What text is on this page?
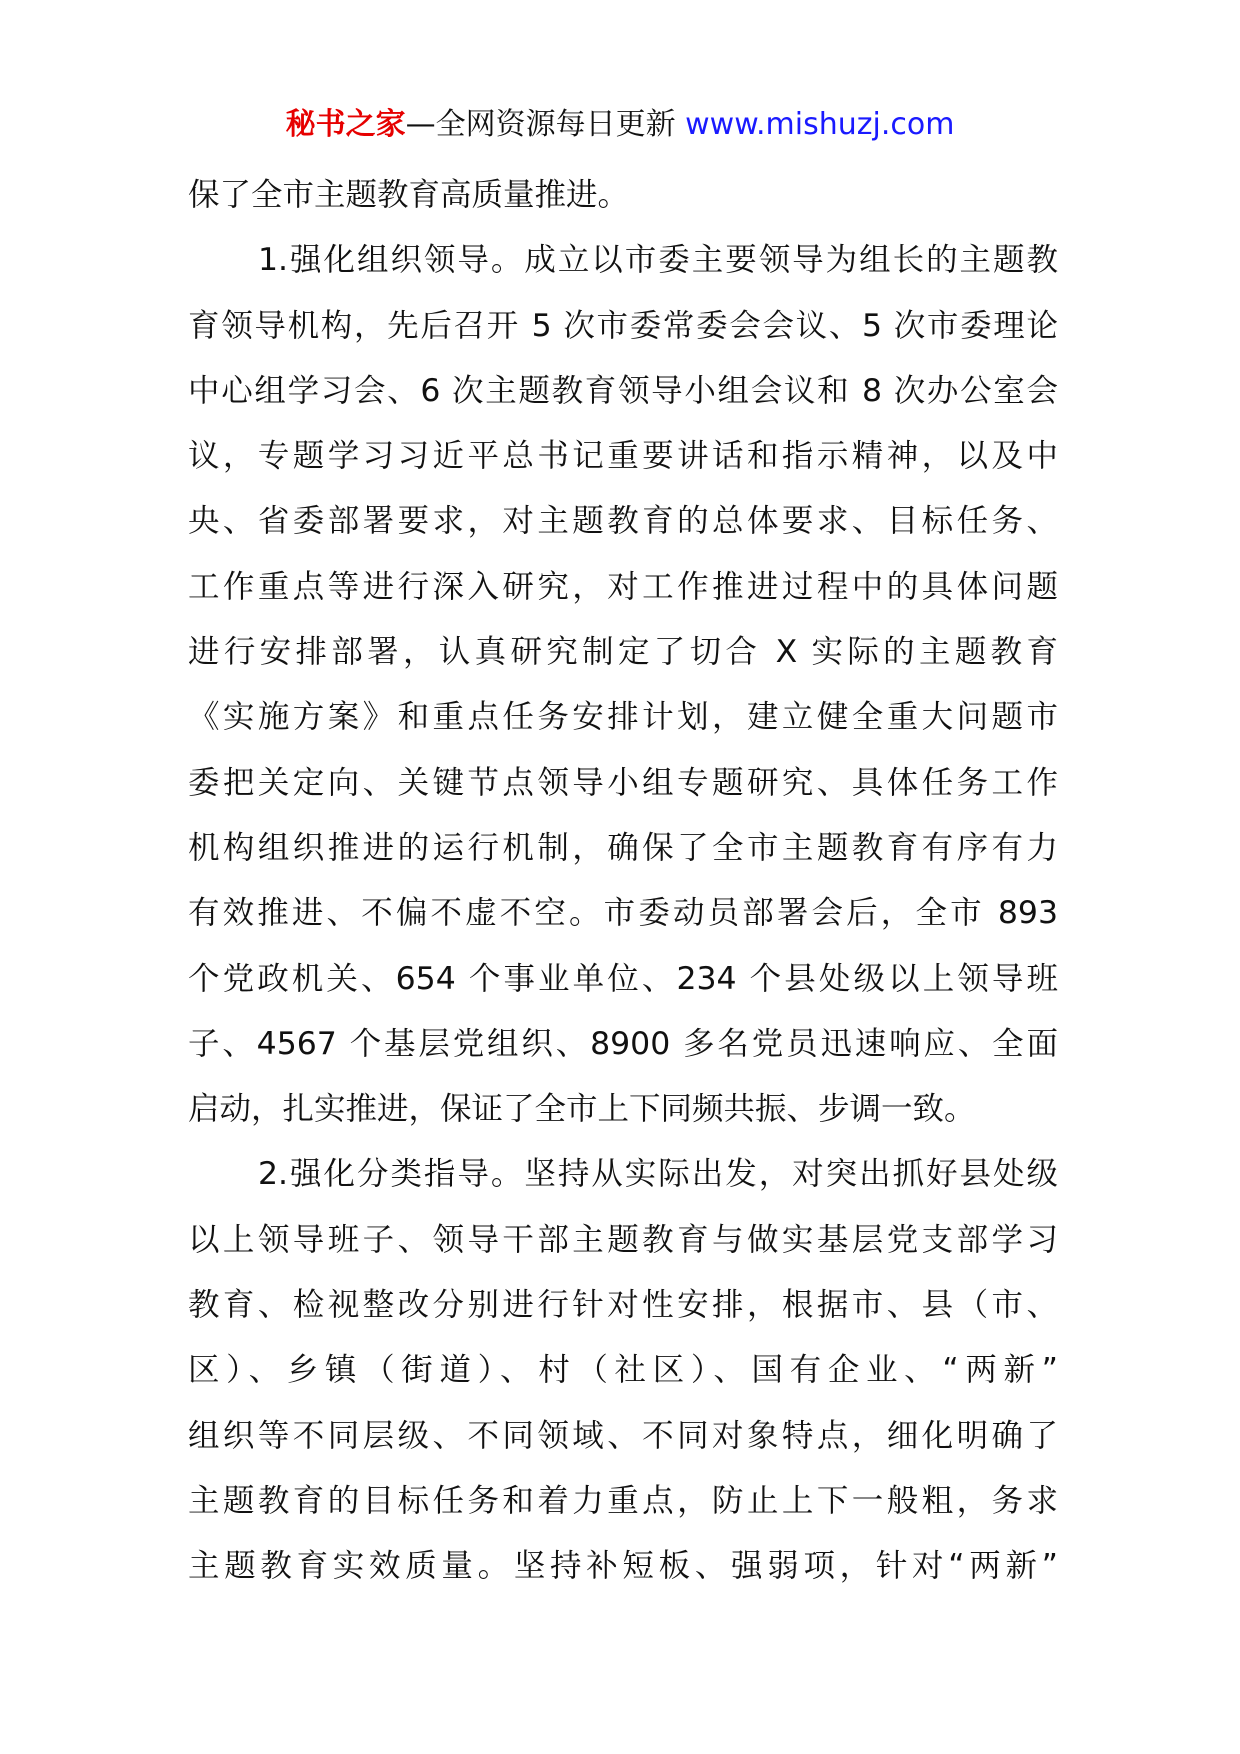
秘书之家—全网资源每日更新 www.mishuzj.com
保了全市主题教育高质量推进。
1.强化组织领导。成立以市委主要领导为组长的主题教
育领导机构，先后召开 5 次市委常委会会议、5 次市委理论
中心组学习会、6 次主题教育领导小组会议和 8 次办公室会
议，专题学习习近平总书记重要讲话和指示精神，以及中
央、省委部署要求，对主题教育的总体要求、目标任务、
工作重点等进行深入研究，对工作推进过程中的具体问题
进行安排部署，认真研究制定了切合 X 实际的主题教育
《实施方案》和重点任务安排计划，建立健全重大问题市
委把关定向、关键节点领导小组专题研究、具体任务工作
机构组织推进的运行机制，确保了全市主题教育有序有力
有效推进、不偏不虚不空。市委动员部署会后，全市 893
个党政机关、654 个事业单位、234 个县处级以上领导班
子、4567 个基层党组织、8900 多名党员迅速响应、全面
启动，扎实推进，保证了全市上下同频共振、步调一致。
2.强化分类指导。坚持从实际出发，对突出抓好县处级
以上领导班子、领导干部主题教育与做实基层党支部学习
教育、检视整改分别进行针对性安排，根据市、县（市、
区）、乡镇（街道）、村（社区）、国有企业、“两新”
组织等不同层级、不同领域、不同对象特点，细化明确了
主题教育的目标任务和着力重点，防止上下一般粗，务求
主题教育实效质量。坚持补短板、强弱项，针对“两新”
